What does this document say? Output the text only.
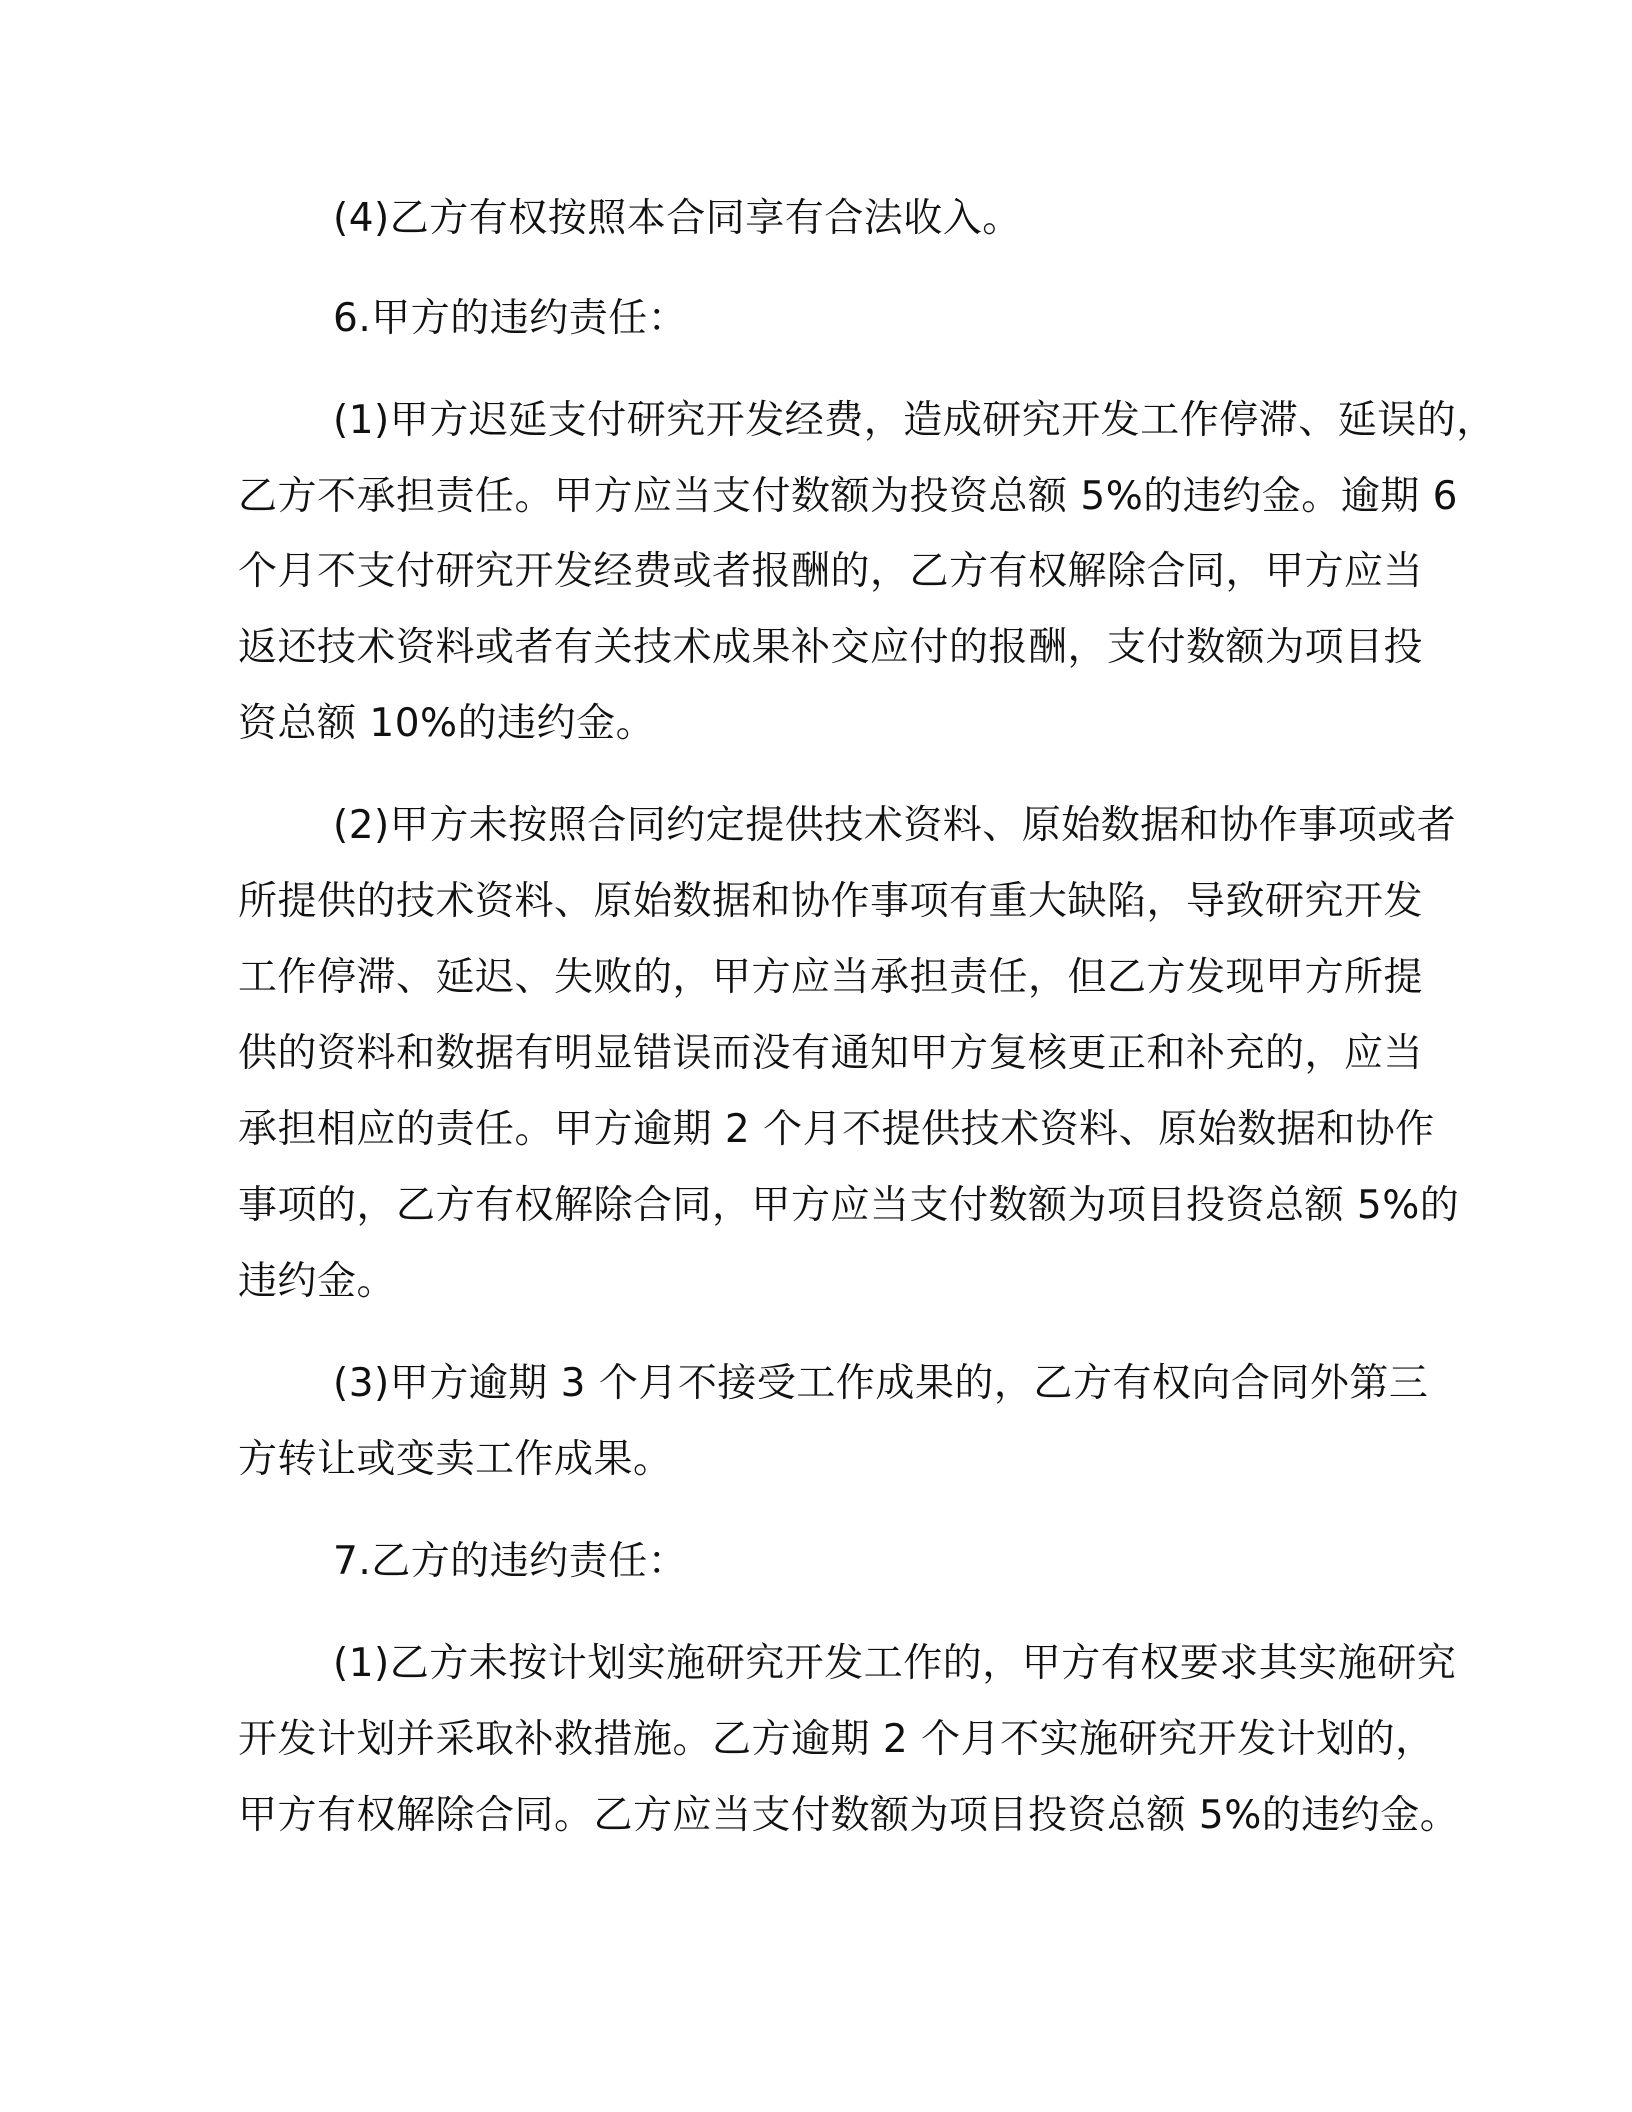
(4)乙方有权按照本合同享有合法收入。
6.甲方的违约责任：
(1)甲方迟延支付研究开发经费，造成研究开发工作停滞、延误的，
乙方不承担责任。甲方应当支付数额为投资总额 5%的违约金。逾期 6
个月不支付研究开发经费或者报酬的，乙方有权解除合同，甲方应当
返还技术资料或者有关技术成果补交应付的报酬，支付数额为项目投
资总额 10%的违约金。
(2)甲方未按照合同约定提供技术资料、原始数据和协作事项或者
所提供的技术资料、原始数据和协作事项有重大缺陷，导致研究开发
工作停滞、延迟、失败的，甲方应当承担责任，但乙方发现甲方所提
供的资料和数据有明显错误而没有通知甲方复核更正和补充的，应当
承担相应的责任。甲方逾期 2 个月不提供技术资料、原始数据和协作
事项的，乙方有权解除合同，甲方应当支付数额为项目投资总额 5%的
违约金。
(3)甲方逾期 3 个月不接受工作成果的，乙方有权向合同外第三
方转让或变卖工作成果。
7.乙方的违约责任：
(1)乙方未按计划实施研究开发工作的，甲方有权要求其实施研究
开发计划并采取补救措施。乙方逾期 2 个月不实施研究开发计划的，
甲方有权解除合同。乙方应当支付数额为项目投资总额 5%的违约金。
